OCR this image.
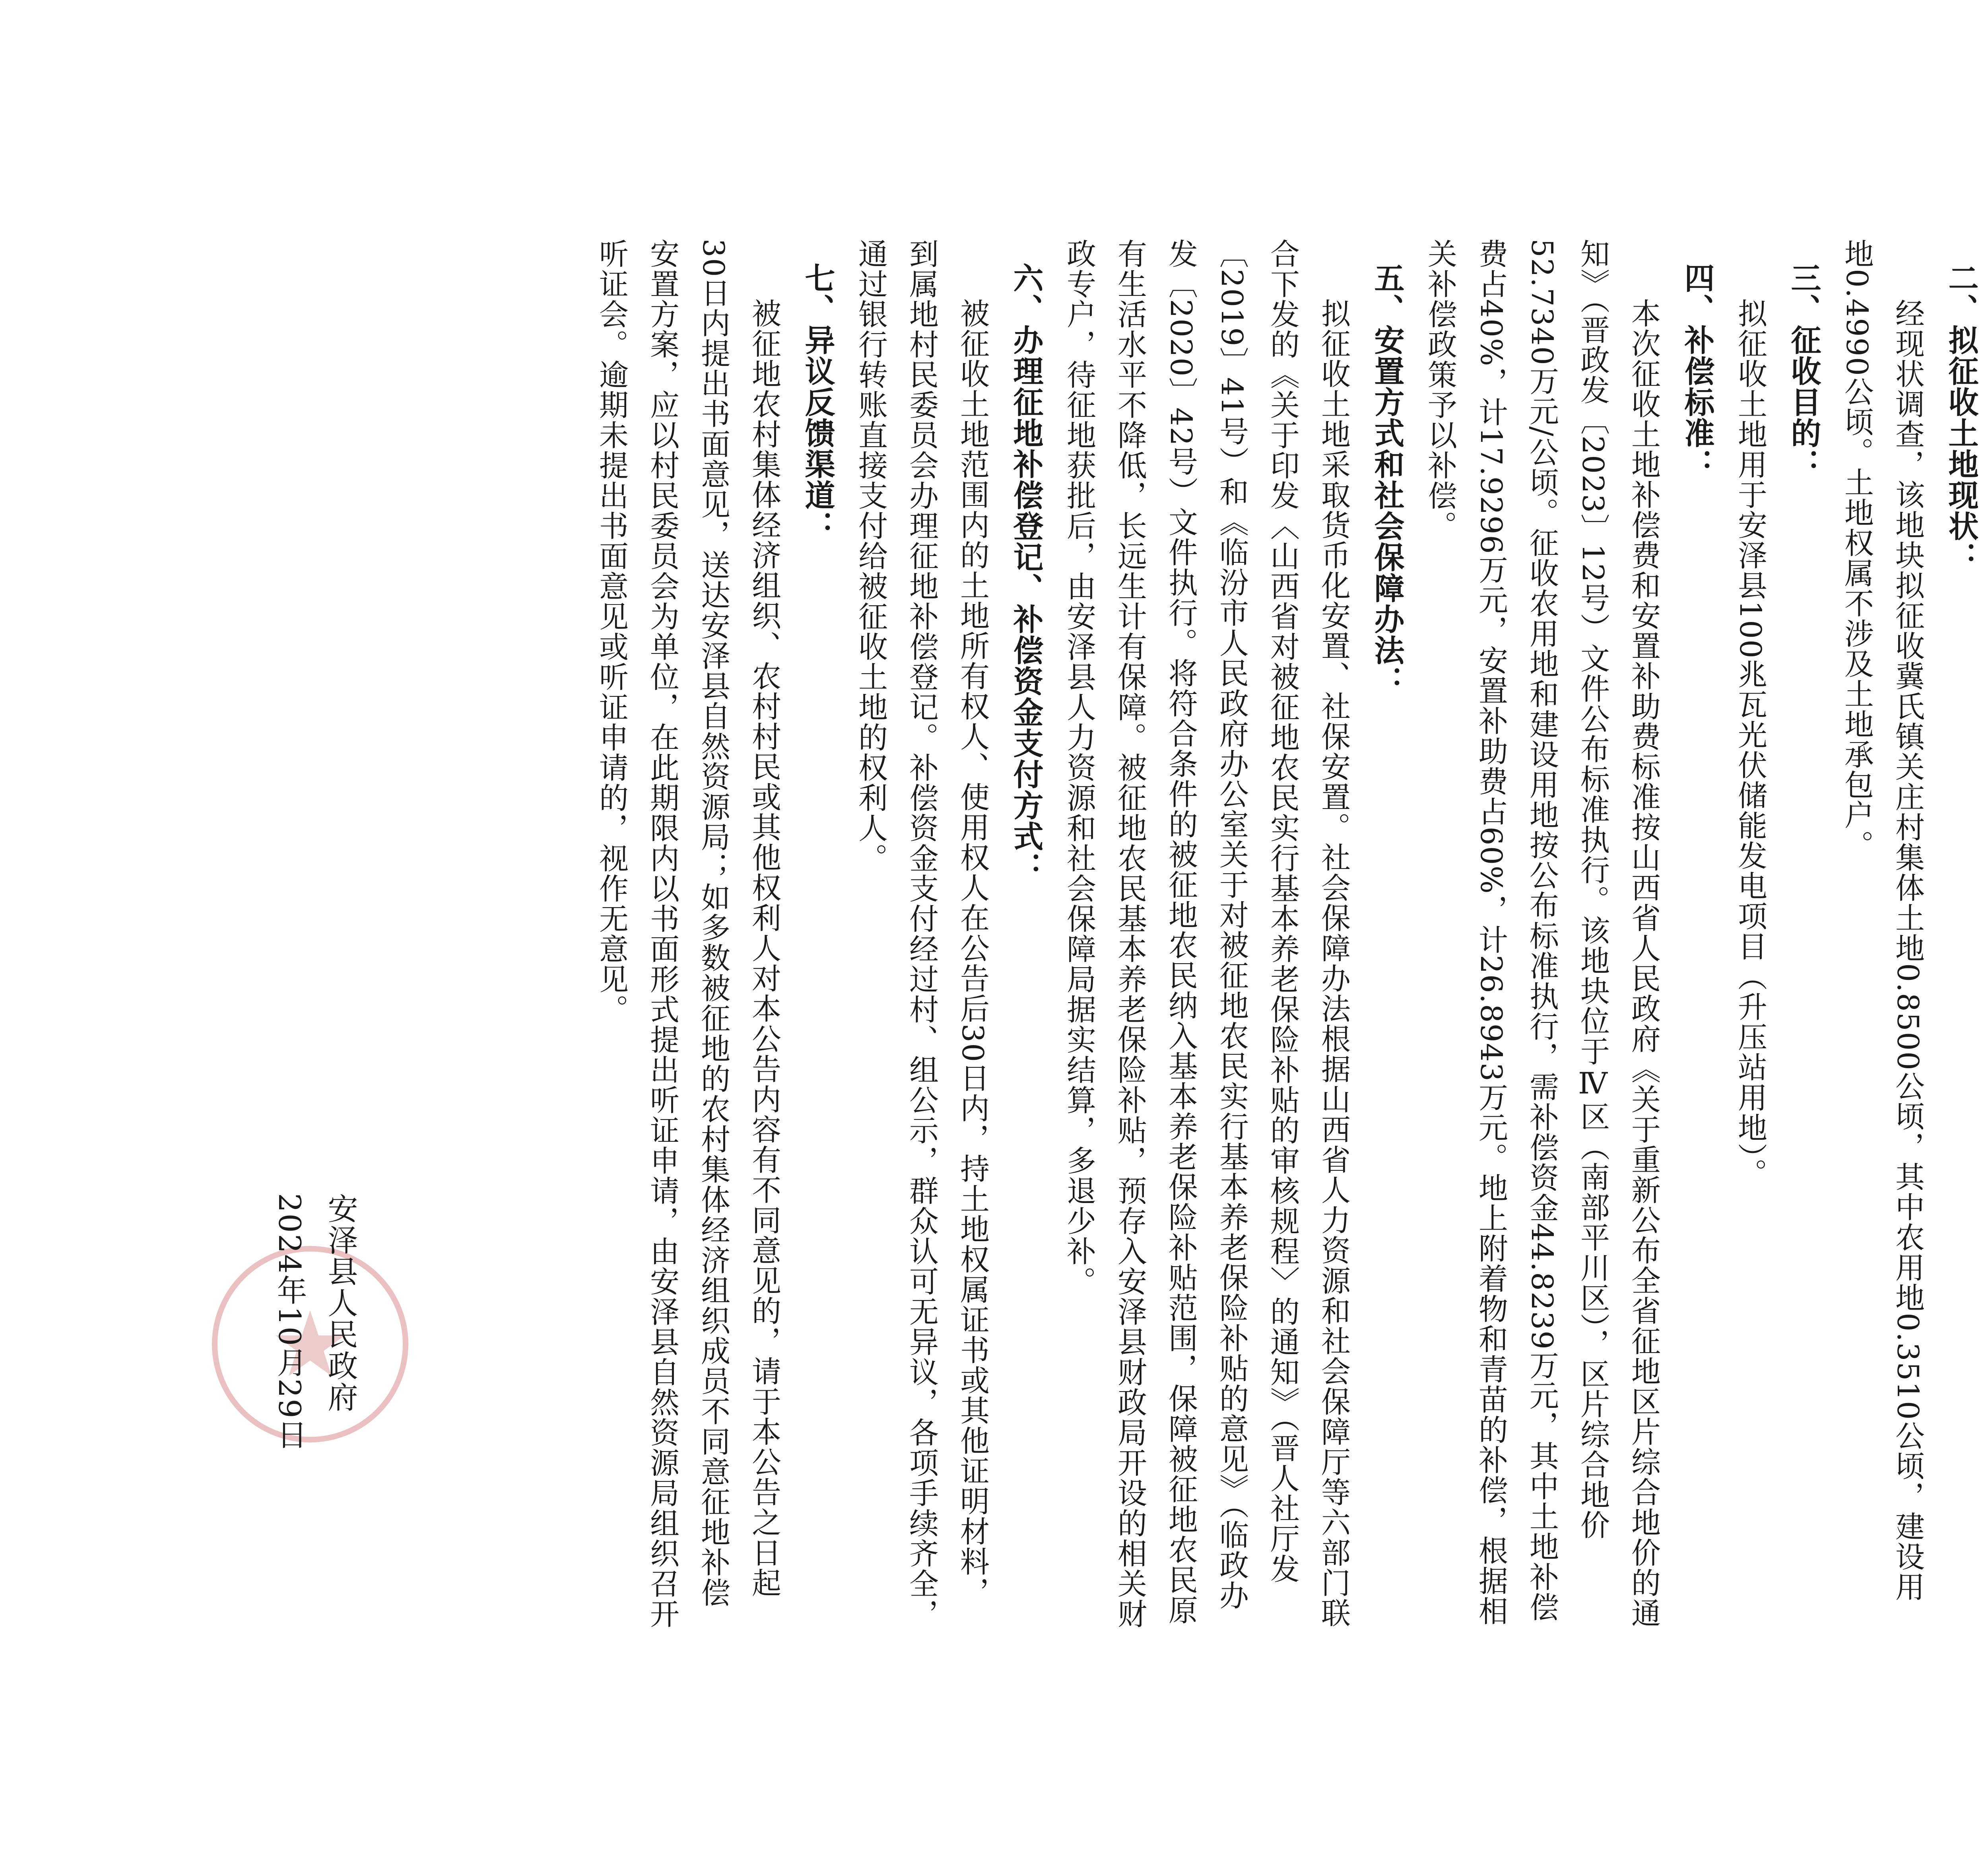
二、拟征收土地现状：
经现状调查，该地块拟征收冀氏镇关庄村集体土地0.8500公顷，其中农用地0.3510公顷，建设用地0.4990公顷。土地权属不涉及土地承包户。
三、征收目的：
拟征收土地用于安泽县100兆瓦光伏储能发电项目（升压站用地）。
四、补偿标准：
本次征收土地补偿费和安置补助费标准按山西省人民政府《关于重新公布全省征地区片综合地价的通知》（晋政发〔2023〕12号）文件公布标准执行。该地块位于Ⅳ区（南部平川区），区片综合地价52.7340万元/公顷。征收农用地和建设用地按公布标准执行，需补偿资金44.8239万元，其中土地补偿费占40%，计17.9296万元，安置补助费占60%，计26.8943万元。地上附着物和青苗的补偿，根据相关补偿政策予以补偿。
五、安置方式和社会保障办法：
拟征收土地采取货币化安置、社保安置。社会保障办法根据山西省人力资源和社会保障厅等六部门联合下发的《关于印发〈山西省对被征地农民实行基本养老保险补贴的审核规程〉的通知》（晋人社厅发〔2019〕41号）和《临汾市人民政府办公室关于对被征地农民实行基本养老保险补贴的意见》（临政办发〔2020〕42号）文件执行。将符合条件的被征地农民纳入基本养老保险补贴范围，保障被征地农民原有生活水平不降低，长远生计有保障。被征地农民基本养老保险补贴，预存入安泽县财政局开设的相关财政专户，待征地获批后，由安泽县人力资源和社会保障局据实结算，多退少补。
六、办理征地补偿登记、补偿资金支付方式：
被征收土地范围内的土地所有权人、使用权人在公告后30日内，持土地权属证书或其他证明材料，到属地村民委员会办理征地补偿登记。补偿资金支付经过村、组公示，群众认可无异议，各项手续齐全，通过银行转账直接支付给被征收土地的权利人。
七、异议反馈渠道：
被征地农村集体经济组织、农村村民或其他权利人对本公告内容有不同意见的，请于本公告之日起30日内提出书面意见，送达安泽县自然资源局；如多数被征地的农村集体经济组织成员不同意征地补偿安置方案，应以村民委员会为单位，在此期限内以书面形式提出听证申请，由安泽县自然资源局组织召开听证会。逾期未提出书面意见或听证申请的，视作无意见。
安泽县人民政府
2024年10月29日
